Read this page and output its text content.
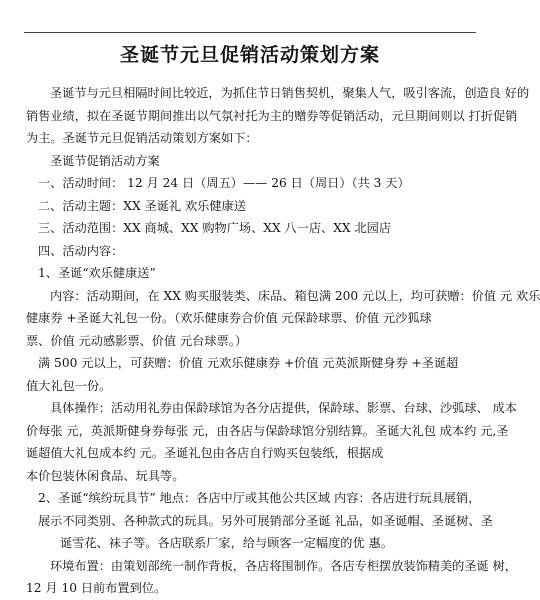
圣诞节元旦促销活动策划方案
圣诞节与元旦相隔时间比较近，为抓住节日销售契机，聚集人气，吸引客流，创造良 好的
销售业绩，拟在圣诞节期间推出以气氛衬托为主的赠券等促销活动，元旦期间则以 打折促销
为主。圣诞节元旦促销活动策划方案如下：
圣诞节促销活动方案
一、活动时间： 12 月 24 日（周五）—— 26 日（周日）（共 3 天）
二、活动主题：XX 圣诞礼 欢乐健康送
三、活动范围：XX 商城、XX 购物广场、XX 八一店、XX 北园店
四、活动内容：
1、圣诞“欢乐健康送”
内容：活动期间，在 XX 购买服装类、床品、箱包满 200 元以上，均可获赠：价值 元 欢乐
健康券 +圣诞大礼包一份。（欢乐健康券合价值 元保龄球票、价值 元沙狐球
票、价值 元动感影票、价值 元台球票。）
满 500 元以上，可获赠：价值 元欢乐健康券 +价值 元英派斯健身券 +圣诞超
值大礼包一份。
具体操作：活动用礼券由保龄球馆为各分店提供，保龄球、影票、台球、沙弧球、 成本
价每张 元，英派斯健身券每张 元，由各店与保龄球馆分别结算。圣诞大礼包 成本约 元,圣
诞超值大礼包成本约 元。圣诞礼包由各店自行购买包装纸，根据成
本价包装休闲食品、玩具等。
2、圣诞“缤纷玩具节” 地点：各店中厅或其他公共区域 内容：各店进行玩具展销，
展示不同类别、各种款式的玩具。另外可展销部分圣诞 礼品，如圣诞帽、圣诞树、圣
诞雪花、袜子等。各店联系厂家，给与顾客一定幅度的优 惠。
环境布置：由策划部统一制作背板，各店将围制作。各店专柜摆放装饰精美的圣诞 树，
12 月 10 日前布置到位。
